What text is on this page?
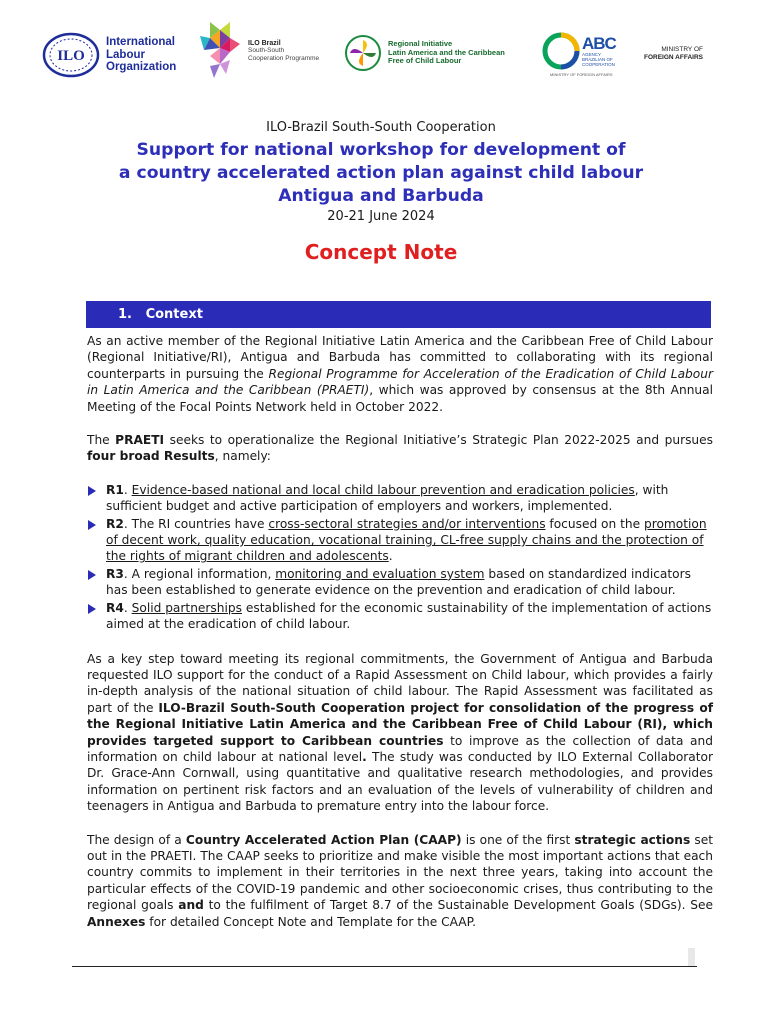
ILO
International
Labour
Organization
ILO Brazil
South-South
Cooperation Programme
Regional Initiative
Latin America and the Caribbean
Free of Child Labour
ABC
AGENCY
BRAZILIAN OF
COOPERATION
MINISTRY OF FOREIGN AFFAIRS
MINISTRY OF
FOREIGN AFFAIRS
ILO-Brazil South-South Cooperation
Support for national workshop for development of
a country accelerated action plan against child labour
Antigua and Barbuda
20-21 June 2024
Concept Note
1. Context

As an active member of the Regional Initiative Latin America and the Caribbean Free of Child Labour (Regional Initiative/RI), Antigua and Barbuda has committed to collaborating with its regional counterparts in pursuing the Regional Programme for Acceleration of the Eradication of Child Labour in Latin America and the Caribbean (PRAETI), which was approved by consensus at the 8th Annual Meeting of the Focal Points Network held in October 2022.

The PRAETI seeks to operationalize the Regional Initiative’s Strategic Plan 2022-2025 and pursues four broad Results, namely:

R1. Evidence-based national and local child labour prevention and eradication policies, with sufficient budget and active participation of employers and workers, implemented.
R2. The RI countries have cross-sectoral strategies and/or interventions focused on the promotion of decent work, quality education, vocational training, CL-free supply chains and the protection of the rights of migrant children and adolescents.
R3. A regional information, monitoring and evaluation system based on standardized indicators has been established to generate evidence on the prevention and eradication of child labour.
R4. Solid partnerships established for the economic sustainability of the implementation of actions aimed at the eradication of child labour.

As a key step toward meeting its regional commitments, the Government of Antigua and Barbuda requested ILO support for the conduct of a Rapid Assessment on Child labour, which provides a fairly in-depth analysis of the national situation of child labour. The Rapid Assessment was facilitated as part of the ILO-Brazil South-South Cooperation project for consolidation of the progress of the Regional Initiative Latin America and the Caribbean Free of Child Labour (RI), which provides targeted support to Caribbean countries to improve as the collection of data and information on child labour at national level. The study was conducted by ILO External Collaborator Dr. Grace-Ann Cornwall, using quantitative and qualitative research methodologies, and provides information on pertinent risk factors and an evaluation of the levels of vulnerability of children and teenagers in Antigua and Barbuda to premature entry into the labour force.

The design of a Country Accelerated Action Plan (CAAP) is one of the first strategic actions set out in the PRAETI. The CAAP seeks to prioritize and make visible the most important actions that each country commits to implement in their territories in the next three years, taking into account the particular effects of the COVID-19 pandemic and other socioeconomic crises, thus contributing to the regional goals and to the fulfilment of Target 8.7 of the Sustainable Development Goals (SDGs). See Annexes for detailed Concept Note and Template for the CAAP.
